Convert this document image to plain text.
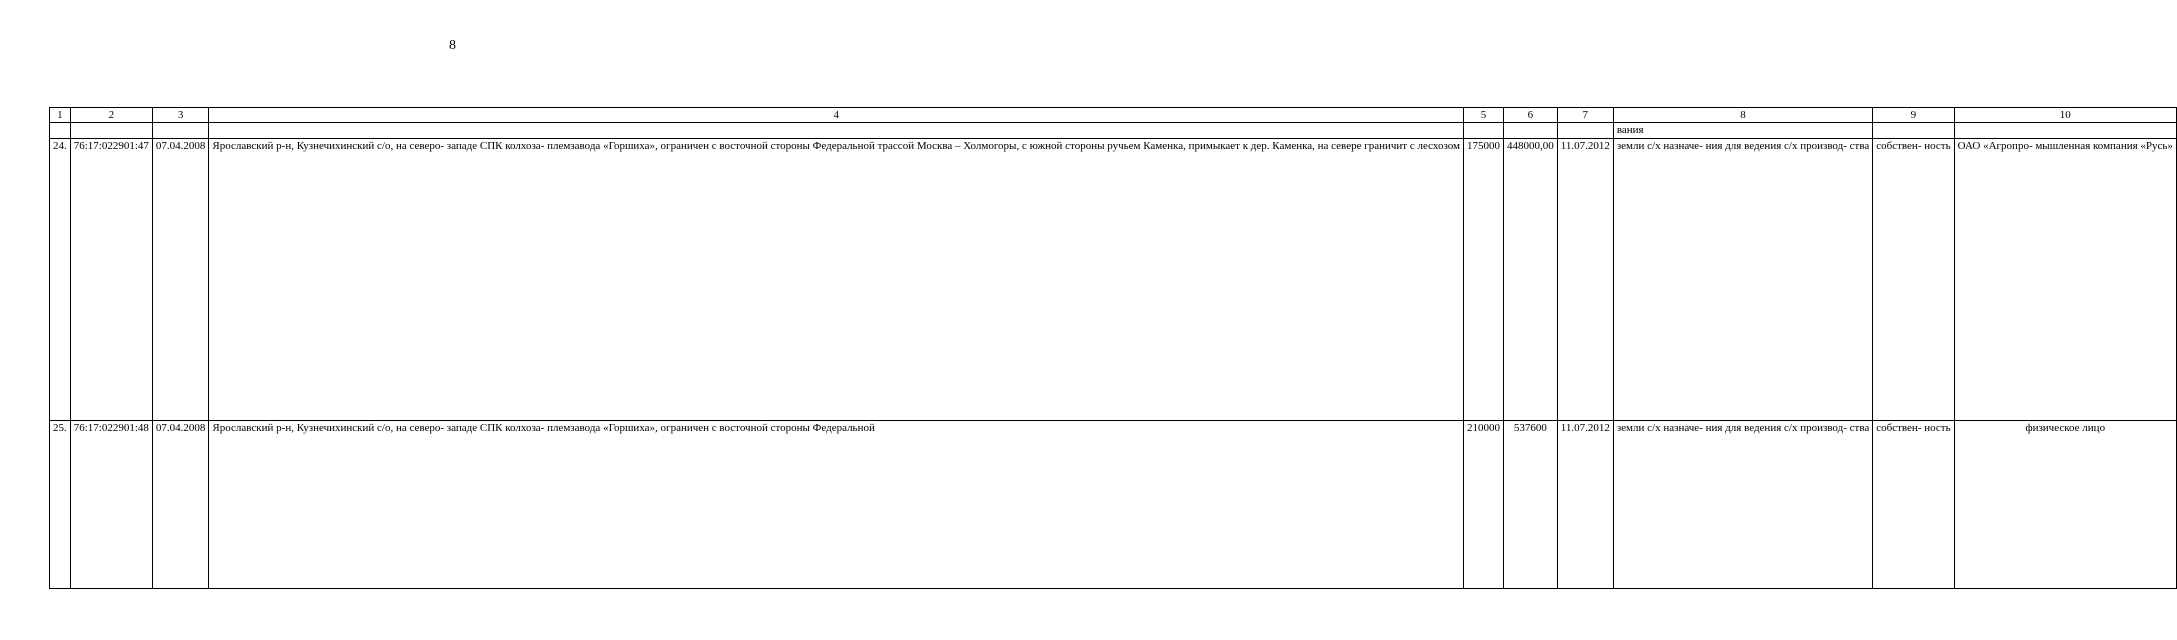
8
1	2	3	4	5	6	7	8	9	10
							вания		
24.	76:17:022901:47	07.04.2008	Ярославский р-н, Кузнечихинский с/о, на северо- западе СПК колхоза- племзавода «Горшиха», ограничен с восточной стороны Федеральной трассой Москва – Холмогоры, с южной стороны ручьем Каменка, примыкает к дер. Каменка, на севере граничит с лесхозом	175000	448000,00	11.07.2012	земли с/х назначе- ния для ведения с/х производ- ства	собствен- ность	ОАО «Агропро- мышленная компания «Русь»
25.	76:17:022901:48	07.04.2008	Ярославский р-н, Кузнечихинский с/о, на северо- западе СПК колхоза- племзавода «Горшиха», ограничен с восточной стороны Федеральной	210000	537600	11.07.2012	земли с/х назначе- ния для ведения с/х производ- ства	собствен- ность	физическое лицо
